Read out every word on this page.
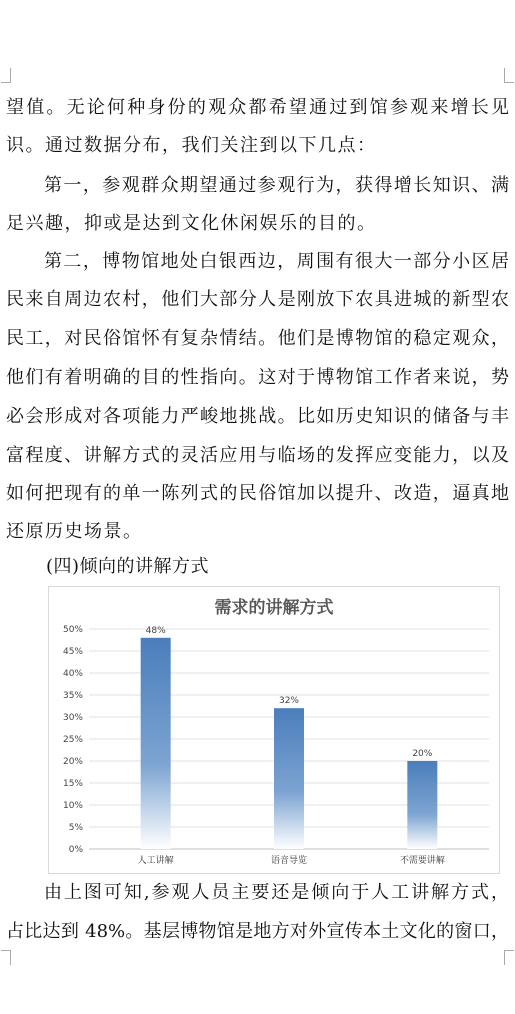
望值。无论何种身份的观众都希望通过到馆参观来增长见
识。通过数据分布，我们关注到以下几点：
第一，参观群众期望通过参观行为，获得增长知识、满
足兴趣，抑或是达到文化休闲娱乐的目的。
第二，博物馆地处白银西边，周围有很大一部分小区居
民来自周边农村，他们大部分人是刚放下农具进城的新型农
民工，对民俗馆怀有复杂情结。他们是博物馆的稳定观众，
他们有着明确的目的性指向。这对于博物馆工作者来说，势
必会形成对各项能力严峻地挑战。比如历史知识的储备与丰
富程度、讲解方式的灵活应用与临场的发挥应变能力，以及
如何把现有的单一陈列式的民俗馆加以提升、改造，逼真地
还原历史场景。
(四)倾向的讲解方式
需求的讲解方式
0%
5%
10%
15%
20%
25%
30%
35%
40%
45%
50%	48%
32%
20%
人工讲解	语音导览	不需要讲解
由上图可知,参观人员主要还是倾向于人工讲解方式，
占比达到 48%。基层博物馆是地方对外宣传本土文化的窗口，
